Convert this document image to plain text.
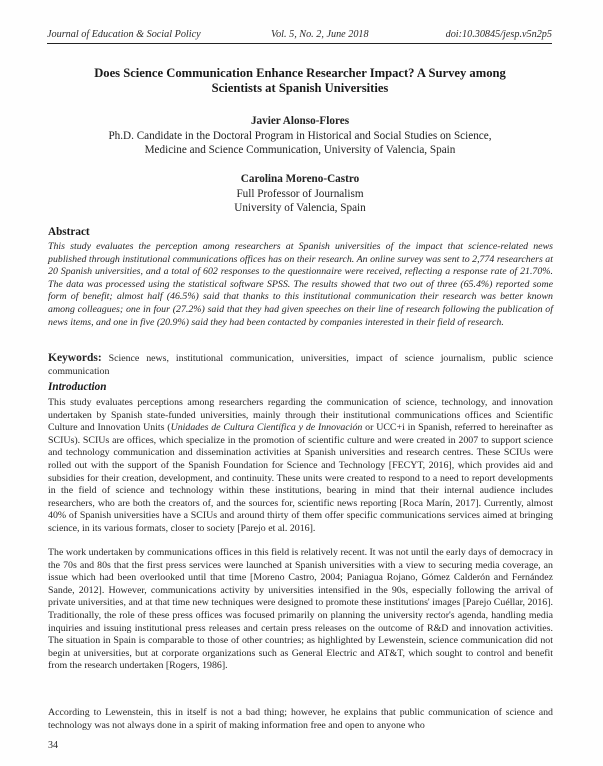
Journal of Education & Social Policy	Vol. 5, No. 2, June 2018	doi:10.30845/jesp.v5n2p5
Does Science Communication Enhance Researcher Impact? A Survey among
Scientists at Spanish Universities
Javier Alonso-Flores
Ph.D. Candidate in the Doctoral Program in Historical and Social Studies on Science,
Medicine and Science Communication, University of Valencia, Spain
Carolina Moreno-Castro
Full Professor of Journalism
University of Valencia, Spain
Abstract
This study evaluates the perception among researchers at Spanish universities of the impact that science-related news published through institutional communications offices has on their research. An online survey was sent to 2,774 researchers at 20 Spanish universities, and a total of 602 responses to the questionnaire were received, reflecting a response rate of 21.70%. The data was processed using the statistical software SPSS. The results showed that two out of three (65.4%) reported some form of benefit; almost half (46.5%) said that thanks to this institutional communication their research was better known among colleagues; one in four (27.2%) said that they had given speeches on their line of research following the publication of news items, and one in five (20.9%) said they had been contacted by companies interested in their field of research.
Keywords: Science news, institutional communication, universities, impact of science journalism, public science communication
Introduction
This study evaluates perceptions among researchers regarding the communication of science, technology, and innovation undertaken by Spanish state-funded universities, mainly through their institutional communications offices and Scientific Culture and Innovation Units (Unidades de Cultura Científica y de Innovación or UCC+i in Spanish, referred to hereinafter as SCIUs). SCIUs are offices, which specialize in the promotion of scientific culture and were created in 2007 to support science and technology communication and dissemination activities at Spanish universities and research centres. These SCIUs were rolled out with the support of the Spanish Foundation for Science and Technology [FECYT, 2016], which provides aid and subsidies for their creation, development, and continuity. These units were created to respond to a need to report developments in the field of science and technology within these institutions, bearing in mind that their internal audience includes researchers, who are both the creators of, and the sources for, scientific news reporting [Roca Marín, 2017]. Currently, almost 40% of Spanish universities have a SCIUs and around thirty of them offer specific communications services aimed at bringing science, in its various formats, closer to society [Parejo et al. 2016].
The work undertaken by communications offices in this field is relatively recent. It was not until the early days of democracy in the 70s and 80s that the first press services were launched at Spanish universities with a view to securing media coverage, an issue which had been overlooked until that time [Moreno Castro, 2004; Paniagua Rojano, Gómez Calderón and Fernández Sande, 2012]. However, communications activity by universities intensified in the 90s, especially following the arrival of private universities, and at that time new techniques were designed to promote these institutions' images [Parejo Cuéllar, 2016]. Traditionally, the role of these press offices was focused primarily on planning the university rector's agenda, handling media inquiries and issuing institutional press releases and certain press releases on the outcome of R&D and innovation activities. The situation in Spain is comparable to those of other countries; as highlighted by Lewenstein, science communication did not begin at universities, but at corporate organizations such as General Electric and AT&T, which sought to control and benefit from the research undertaken [Rogers, 1986].
According to Lewenstein, this in itself is not a bad thing; however, he explains that public communication of science and technology was not always done in a spirit of making information free and open to anyone who
34
